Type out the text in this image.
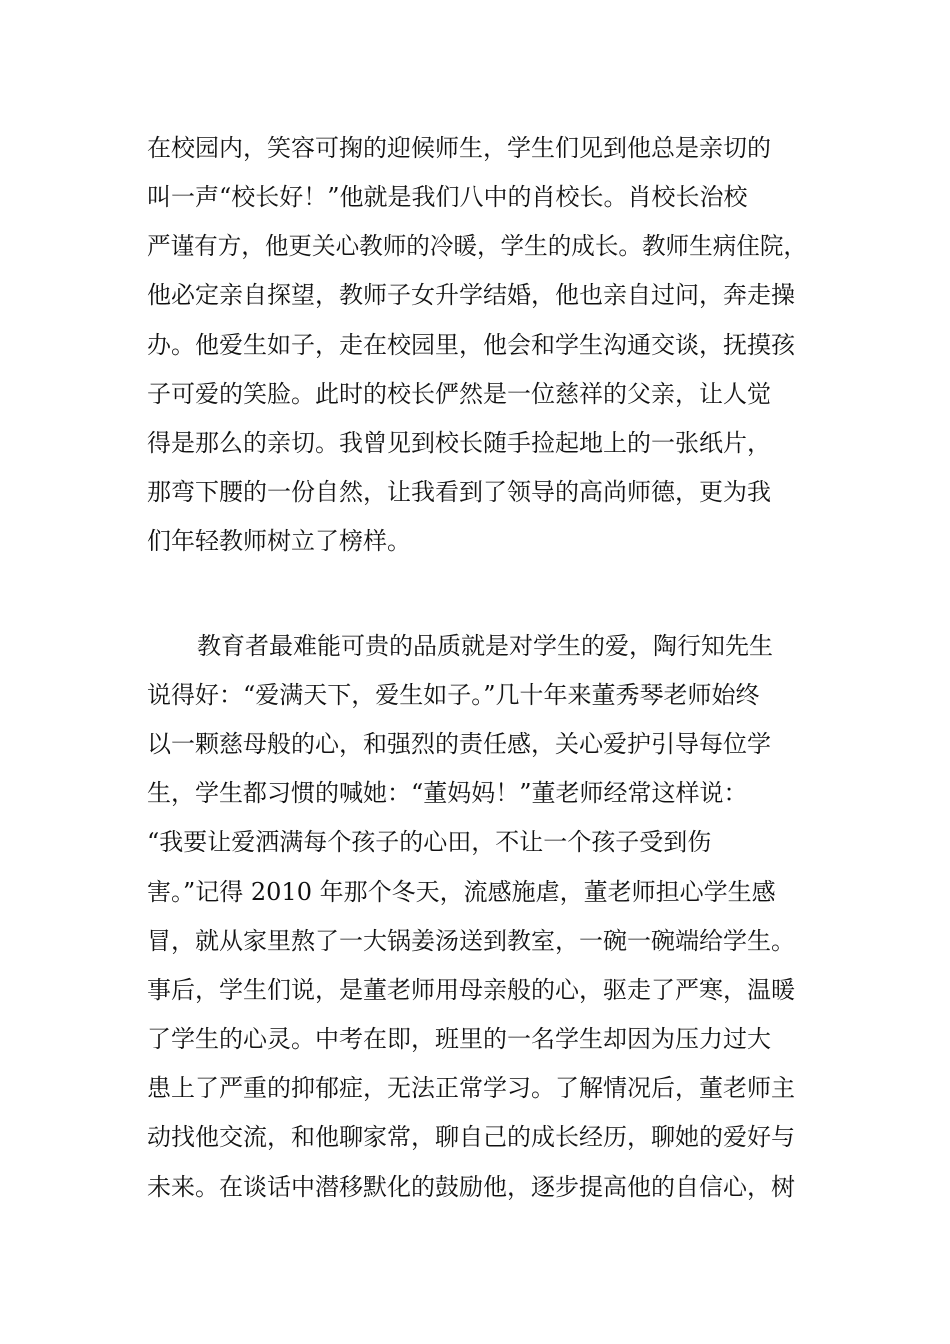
在校园内，笑容可掬的迎候师生，学生们见到他总是亲切的
叫一声“校长好！”他就是我们八中的肖校长。肖校长治校
严谨有方，他更关心教师的冷暖，学生的成长。教师生病住院，
他必定亲自探望，教师子女升学结婚，他也亲自过问，奔走操
办。他爱生如子，走在校园里，他会和学生沟通交谈，抚摸孩
子可爱的笑脸。此时的校长俨然是一位慈祥的父亲，让人觉
得是那么的亲切。我曾见到校长随手捡起地上的一张纸片，
那弯下腰的一份自然，让我看到了领导的高尚师德，更为我
们年轻教师树立了榜样。
教育者最难能可贵的品质就是对学生的爱，陶行知先生
说得好：“爱满天下，爱生如子。”几十年来董秀琴老师始终
以一颗慈母般的心，和强烈的责任感，关心爱护引导每位学
生，学生都习惯的喊她：“董妈妈！”董老师经常这样说：
“我要让爱洒满每个孩子的心田，不让一个孩子受到伤
害。”记得 2010 年那个冬天，流感施虐，董老师担心学生感
冒，就从家里熬了一大锅姜汤送到教室，一碗一碗端给学生。
事后，学生们说，是董老师用母亲般的心，驱走了严寒，温暖
了学生的心灵。中考在即，班里的一名学生却因为压力过大
患上了严重的抑郁症，无法正常学习。了解情况后，董老师主
动找他交流，和他聊家常，聊自己的成长经历，聊她的爱好与
未来。在谈话中潜移默化的鼓励他，逐步提高他的自信心，树
